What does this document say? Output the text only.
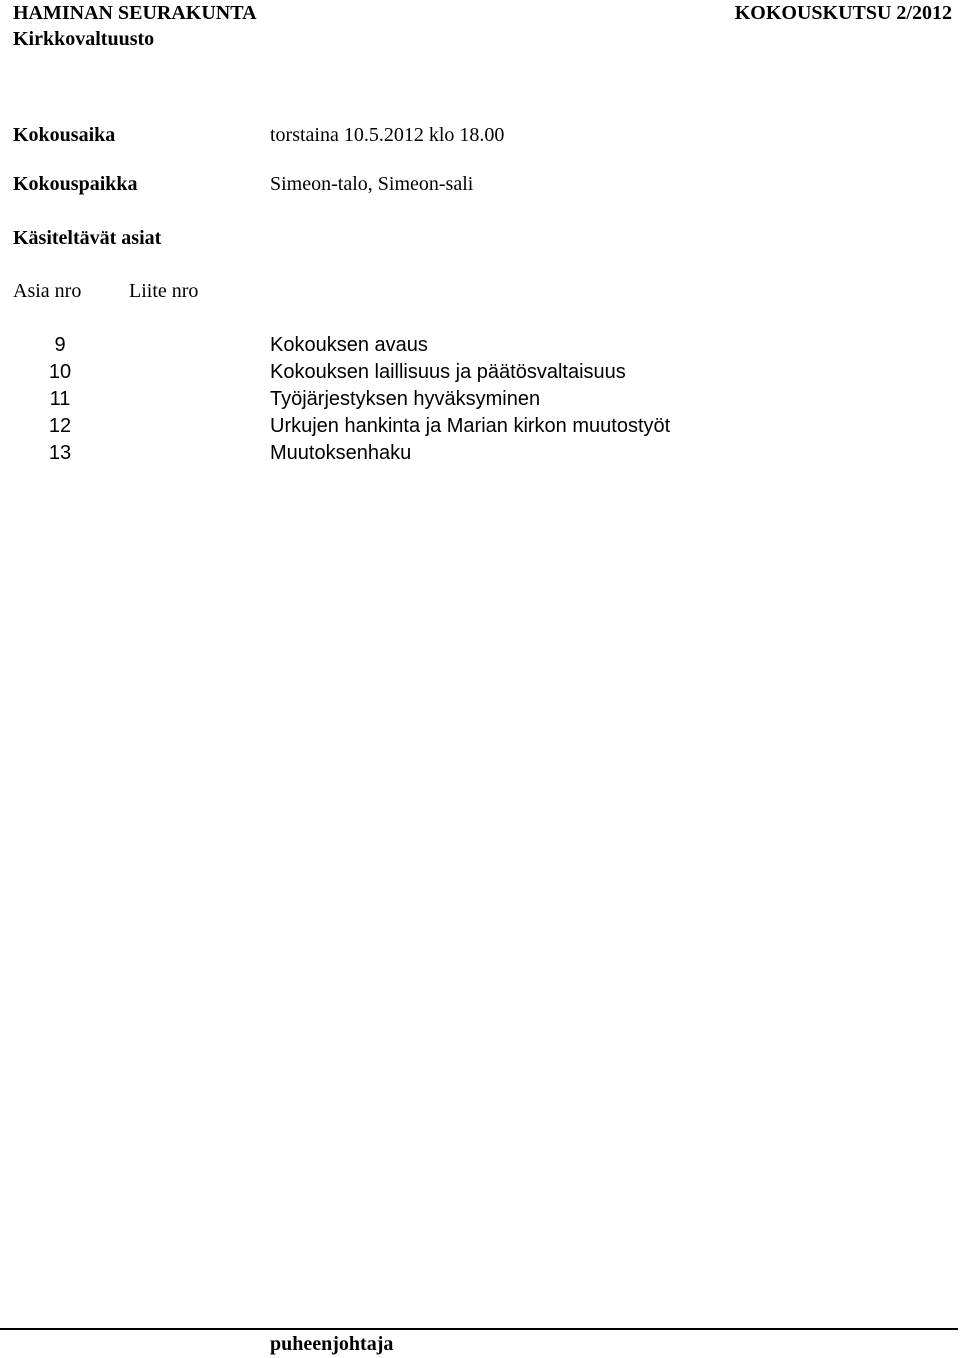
HAMINAN SEURAKUNTA	KOKOUSKUTSU 2/2012
Kirkkovaltuusto
Kokousaika	torstaina 10.5.2012 klo 18.00
Kokouspaikka	Simeon-talo, Simeon-sali
Käsiteltävät asiat
Asia nro Liite nro
9	Kokouksen avaus
10	Kokouksen laillisuus ja päätösvaltaisuus
11	Työjärjestyksen hyväksyminen
12	Urkujen hankinta ja Marian kirkon muutostyöt
13	Muutoksenhaku
puheenjohtaja
